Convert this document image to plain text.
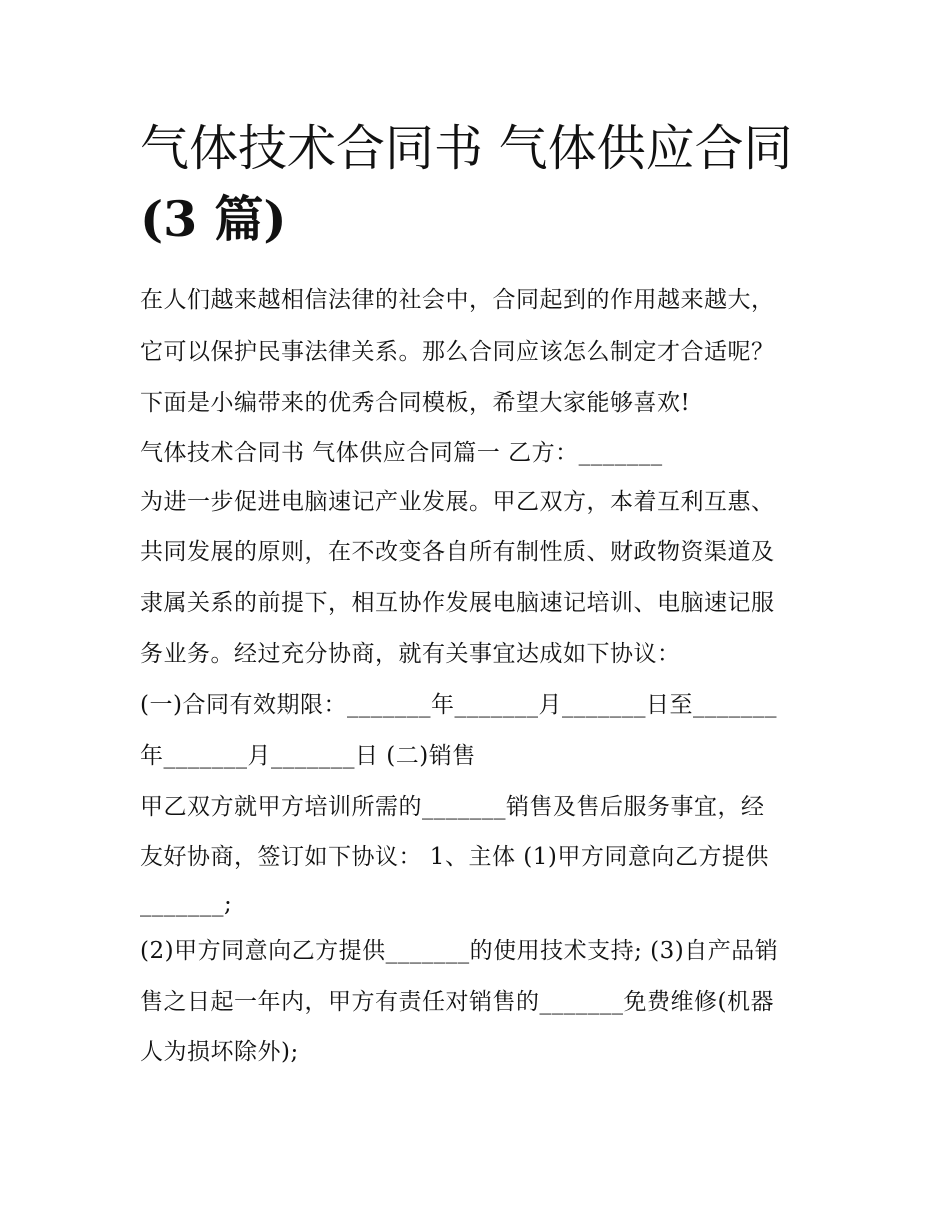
气体技术合同书 气体供应合同
(3 篇)
在人们越来越相信法律的社会中，合同起到的作用越来越大，
它可以保护民事法律关系。那么合同应该怎么制定才合适呢？
下面是小编带来的优秀合同模板，希望大家能够喜欢!
气体技术合同书 气体供应合同篇一 乙方：_______
为进一步促进电脑速记产业发展。甲乙双方，本着互利互惠、
共同发展的原则，在不改变各自所有制性质、财政物资渠道及
隶属关系的前提下，相互协作发展电脑速记培训、电脑速记服
务业务。经过充分协商，就有关事宜达成如下协议：
(一)合同有效期限：_______年_______月_______日至_______
年_______月_______日 (二)销售
甲乙双方就甲方培训所需的_______销售及售后服务事宜，经
友好协商，签订如下协议： 1、主体 (1)甲方同意向乙方提供
_______;
(2)甲方同意向乙方提供_______的使用技术支持; (3)自产品销
售之日起一年内，甲方有责任对销售的_______免费维修(机器
人为损坏除外);
